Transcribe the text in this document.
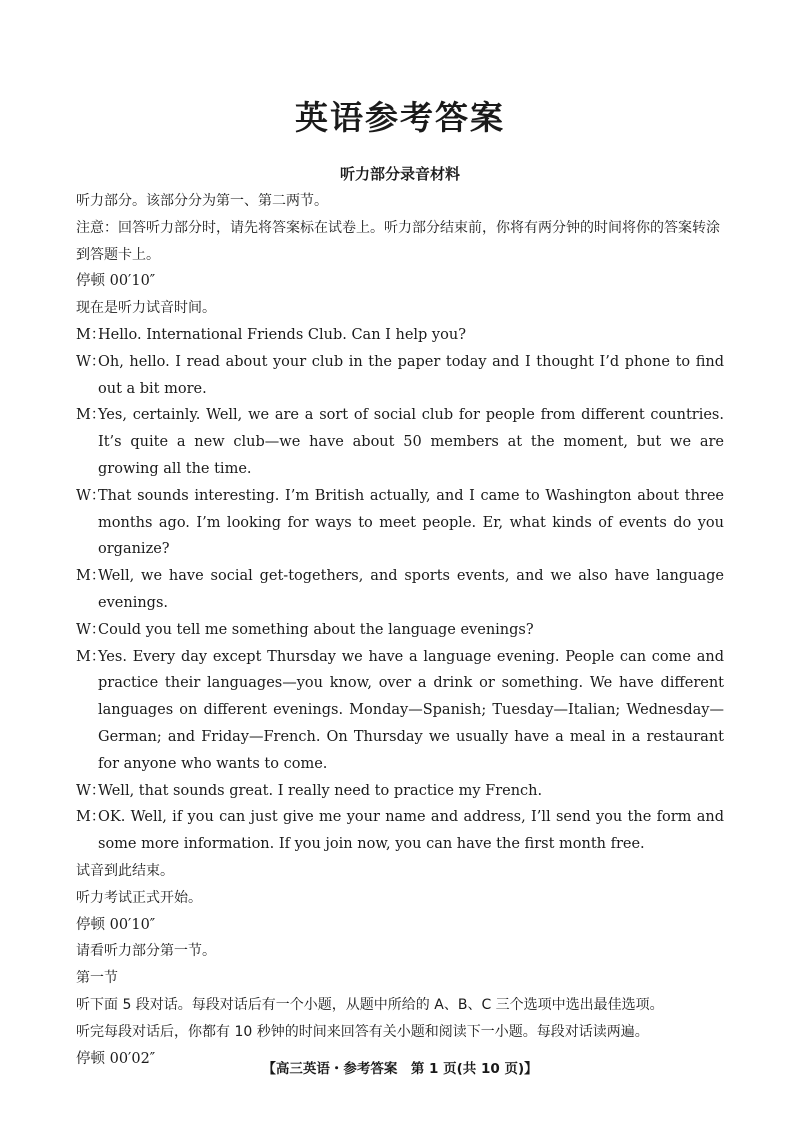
英语参考答案
听力部分录音材料
听力部分。该部分分为第一、第二两节。
注意：回答听力部分时，请先将答案标在试卷上。听力部分结束前，你将有两分钟的时间将你的答案转涂到答题卡上。
停顿 00′10″
现在是听力试音时间。
M：
Hello. International Friends Club. Can I help you?
W：
Oh, hello. I read about your club in the paper today and I thought I’d phone to find out a bit more.
M：
Yes, certainly. Well, we are a sort of social club for people from different countries. It’s quite a new club—we have about 50 members at the moment, but we are growing all the time.
W：
That sounds interesting. I’m British actually, and I came to Washington about three months ago. I’m looking for ways to meet people. Er, what kinds of events do you organize?
M：
Well, we have social get-togethers, and sports events, and we also have language evenings.
W：
Could you tell me something about the language evenings?
M：
Yes. Every day except Thursday we have a language evening. People can come and practice their languages—you know, over a drink or something. We have different languages on different evenings. Monday—Spanish; Tuesday—Italian; Wednesday—German; and Friday—French. On Thursday we usually have a meal in a restaurant for anyone who wants to come.
W：
Well, that sounds great. I really need to practice my French.
M：
OK. Well, if you can just give me your name and address, I’ll send you the form and some more information. If you join now, you can have the first month free.
试音到此结束。
听力考试正式开始。
停顿 00′10″
请看听力部分第一节。
第一节
听下面 5 段对话。每段对话后有一个小题，从题中所给的 A、B、C 三个选项中选出最佳选项。
听完每段对话后，你都有 10 秒钟的时间来回答有关小题和阅读下一小题。每段对话读两遍。
停顿 00′02″
【高三英语・参考答案　第 1 页(共 10 页)】
